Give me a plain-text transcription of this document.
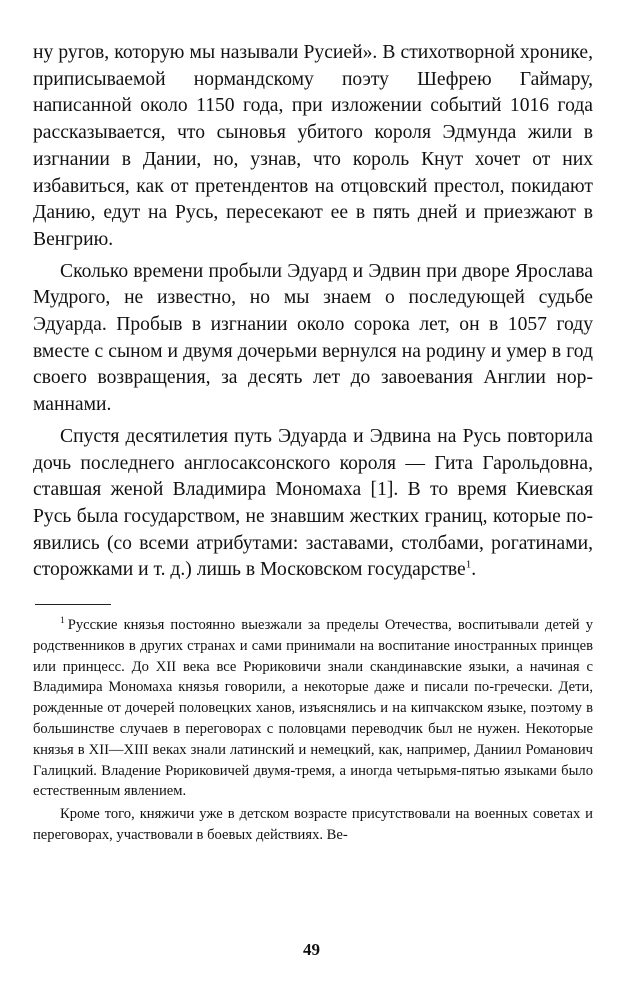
ну ругов, которую мы называли Русией». В стихотворной хронике, приписываемой нормандскому поэту Шефрею Гаймару, написанной около 1150 года, при изложении событий 1016 года рассказывается, что сыновья убитого короля Эдмунда жили в изгнании в Дании, но, узнав, что король Кнут хочет от них избавиться, как от претендентов на отцовский престол, покидают Данию, едут на Русь, пересекают ее в пять дней и приезжают в Венгрию.

Сколько времени пробыли Эдуард и Эдвин при дворе Ярослава Мудрого, не известно, но мы знаем о последующей судьбе Эдуарда. Пробыв в изгнании около сорока лет, он в 1057 году вместе с сыном и двумя дочерьми вернулся на родину и умер в год своего возвращения, за десять лет до завоевания Англии норманнами.

Спустя десятилетия путь Эдуарда и Эдвина на Русь повторила дочь последнего англосаксонского короля — Гита Гарольдовна, ставшая женой Владимира Мономаха [1]. В то время Киевская Русь была государством, не знавшим жестких границ, которые появились (со всеми атрибутами: заставами, столбами, рогатинами, сторожками и т. д.) лишь в Московском государстве$^1$.

$^1$ Русские князья постоянно выезжали за пределы Отечества, воспитывали детей у родственников в других странах и сами принимали на воспитание иностранных принцев или принцесс. До XII века все Рюриковичи знали скандинавские языки, а начиная с Владимира Мономаха князья говорили, а некоторые даже и писали по-гречески. Дети, рожденные от дочерей половецких ханов, изъяснялись и на кипчакском языке, поэтому в большинстве случаев в переговорах с половцами переводчик был не нужен. Некоторые князья в XII—XIII веках знали латинский и немецкий, как, например, Даниил Романович Галицкий. Владение Рюриковичей двумя-тремя, а иногда четырьмя-пятью языками было естественным явлением.

Кроме того, княжичи уже в детском возрасте присутствовали на военных советах и переговорах, участвовали в боевых действиях. Ве-

49
